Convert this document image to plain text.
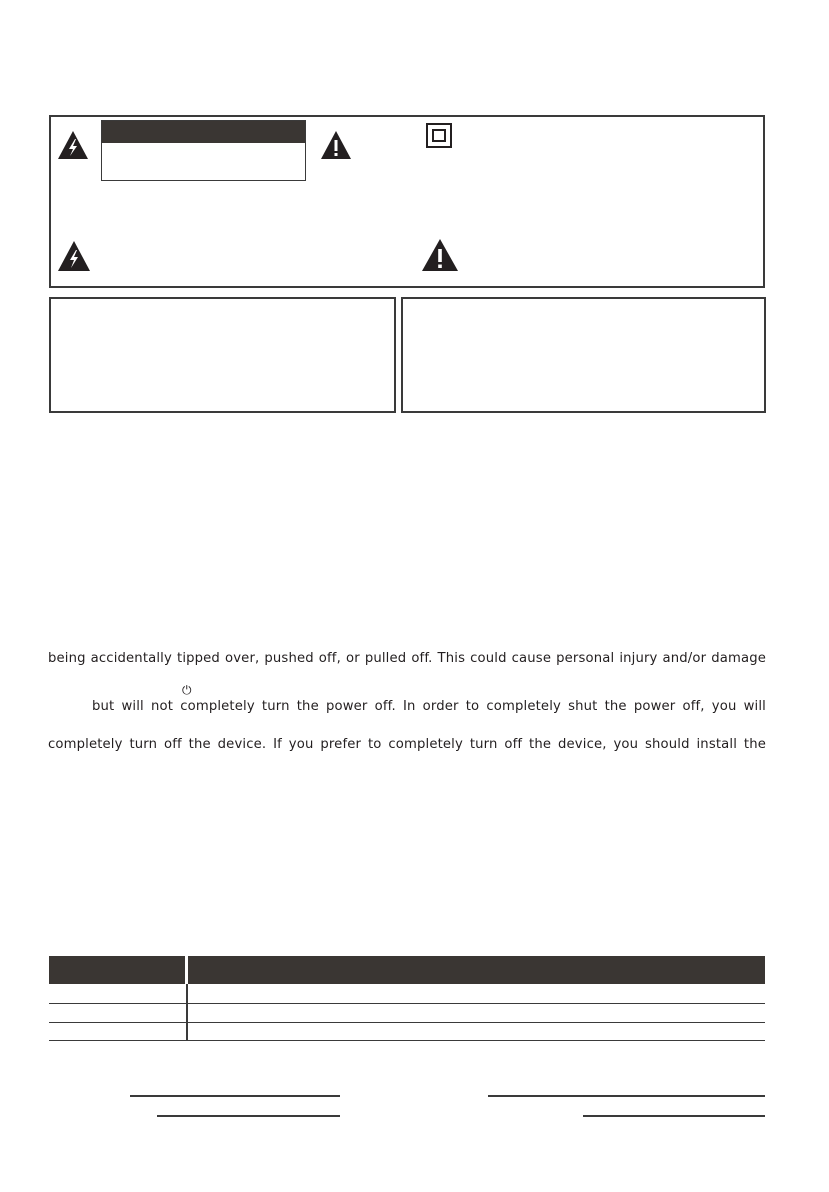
being accidentally tipped over, pushed off, or pulled off. This could cause personal injury and/or damage
⏻
but will not completely turn the power off. In order to completely shut the power off, you will
completely turn off the device. If you prefer to completely turn off the device, you should install the
